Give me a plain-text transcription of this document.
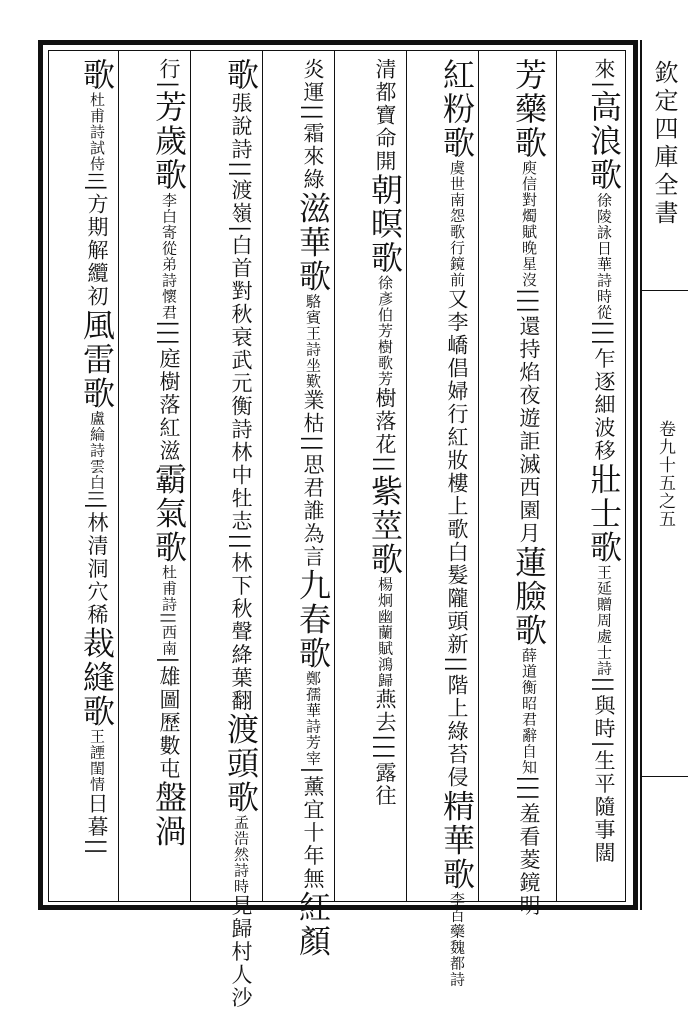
欽定四庫全書
卷九十五之五
來|高浪歌徐陵詠日華詩時從|||乍逐細波移壯士歌王延贈周處士詩||與時|生平隨事闊
芳藥歌庾信對燭賦晚星沒|||還持焰夜遊詎滅西園月蓮臉歌薛道衡昭君辭自知|||羞看菱鏡明
紅粉歌虞世南怨歌行鏡前又李嶠倡婦行紅妝樓上歌白髮隴頭新||階上綠苔侵精華歌李百藥魏都詩
清都寶命開朝暝歌徐彥伯芳樹歌芳樹落花||紫莖歌楊炯幽蘭賦鴻歸燕去|||露往
炎運||霜來綠滋華歌駱賓王詩坐歎業枯||思君誰為言九春歌鄭孺華詩芳宰|薰宜十年無紅顏
歌張說詩||渡嶺|白首對秋衰武元衡詩林中牡志||林下秋聲絳葉翻渡頭歌孟浩然詩時見歸村人沙
行|芳歲歌李白寄從弟詩懷君|||庭樹落紅滋霸氣歌杜甫詩||西南|雄圖歷數屯盤渦
歌杜甫詩試侍|||方期解纜初風雷歌盧綸詩雲白|||林清洞穴稀裁縫歌王諲閨情日暮||
